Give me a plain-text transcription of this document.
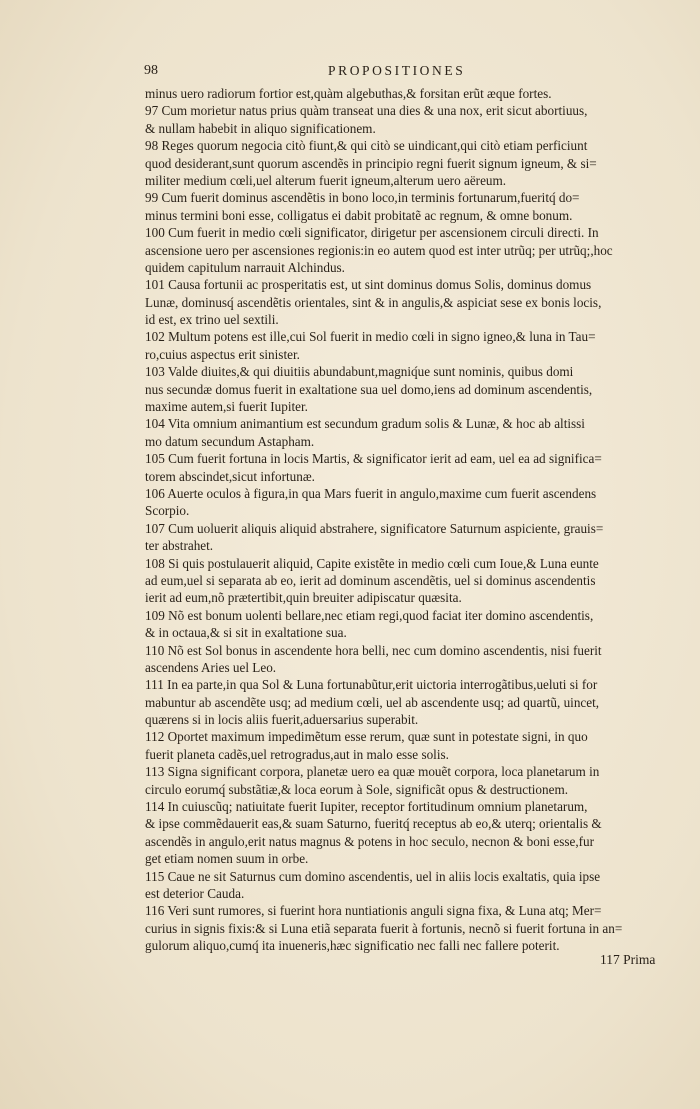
98	PROPOSITIONES
minus uero radiorum fortior est,quàm algebuthas,& forsitan erũt æque fortes.
97 Cum morietur natus prius quàm transeat una dies & una nox, erit sicut abortiuus,
& nullam habebit in aliquo significationem.
98 Reges quorum negocia citò fiunt,& qui citò se uindicant,qui citò etiam perficiunt
quod desiderant,sunt quorum ascendẽs in principio regni fuerit signum igneum, & si=
militer medium cœli,uel alterum fuerit igneum,alterum uero aëreum.
99 Cum fuerit dominus ascendẽtis in bono loco,in terminis fortunarum,fueritq́ do=
minus termini boni esse, colligatus ei dabit probitatẽ ac regnum, & omne bonum.
100 Cum fuerit in medio cœli significator, dirigetur per ascensionem circuli directi. In
ascensione uero per ascensiones regionis:in eo autem quod est inter utrũq; per utrũq;,hoc
quidem capitulum narrauit Alchindus.
101 Causa fortunii ac prosperitatis est, ut sint dominus domus Solis, dominus domus
Lunæ, dominusq́ ascendẽtis orientales, sint & in angulis,& aspiciat sese ex bonis locis,
id est, ex trino uel sextili.
102 Multum potens est ille,cui Sol fuerit in medio cœli in signo igneo,& luna in Tau=
ro,cuius aspectus erit sinister.
103 Valde diuites,& qui diuitiis abundabunt,magniq́ue sunt nominis, quibus domi
nus secundæ domus fuerit in exaltatione sua uel domo,iens ad dominum ascendentis,
maxime autem,si fuerit Iupiter.
104 Vita omnium animantium est secundum gradum solis & Lunæ, & hoc ab altissi
mo datum secundum Astapham.
105 Cum fuerit fortuna in locis Martis, & significator ierit ad eam, uel ea ad significa=
torem abscindet,sicut infortunæ.
106 Auerte oculos à figura,in qua Mars fuerit in angulo,maxime cum fuerit ascendens
Scorpio.
107 Cum uoluerit aliquis aliquid abstrahere, significatore Saturnum aspiciente, grauis=
ter abstrahet.
108 Si quis postulauerit aliquid, Capite existẽte in medio cœli cum Ioue,& Luna eunte
ad eum,uel si separata ab eo, ierit ad dominum ascendẽtis, uel si dominus ascendentis
ierit ad eum,nõ prætertibit,quin breuiter adipiscatur quæsita.
109 Nõ est bonum uolenti bellare,nec etiam regi,quod faciat iter domino ascendentis,
& in octaua,& si sit in exaltatione sua.
110 Nõ est Sol bonus in ascendente hora belli, nec cum domino ascendentis, nisi fuerit
ascendens Aries uel Leo.
111 In ea parte,in qua Sol & Luna fortunabũtur,erit uictoria interrogãtibus,ueluti si for
mabuntur ab ascendẽte usq; ad medium cœli, uel ab ascendente usq; ad quartũ, uincet,
quærens si in locis aliis fuerit,aduersarius superabit.
112 Oportet maximum impedimẽtum esse rerum, quæ sunt in potestate signi, in quo
fuerit planeta cadẽs,uel retrogradus,aut in malo esse solis.
113 Signa significant corpora, planetæ uero ea quæ mouẽt corpora, loca planetarum in
circulo eorumq́ substãtiæ,& loca eorum à Sole, significãt opus & destructionem.
114 In cuiuscũq; natiuitate fuerit Iupiter, receptor fortitudinum omnium planetarum,
& ipse commẽdauerit eas,& suam Saturno, fueritq́ receptus ab eo,& uterq; orientalis &
ascendẽs in angulo,erit natus magnus & potens in hoc seculo, necnon & boni esse,fur
get etiam nomen suum in orbe.
115 Caue ne sit Saturnus cum domino ascendentis, uel in aliis locis exaltatis, quia ipse
est deterior Cauda.
116 Veri sunt rumores, si fuerint hora nuntiationis anguli signa fixa, & Luna atq; Mer=
curius in signis fixis:& si Luna etiã separata fuerit à fortunis, necnõ si fuerit fortuna in an=
gulorum aliquo,cumq́ ita inueneris,hæc significatio nec falli nec fallere poterit.
117 Prima
